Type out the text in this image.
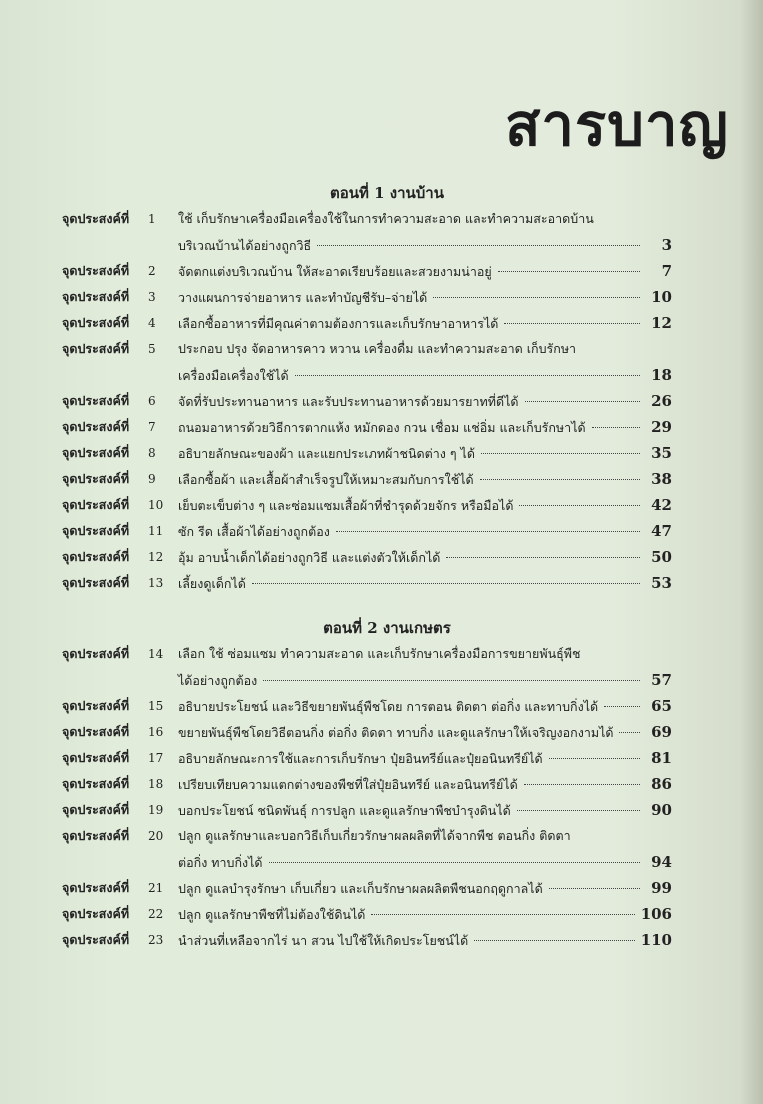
สารบาญ
ตอนที่ 1 งานบ้าน
จุดประสงค์ที่	1	ใช้ เก็บรักษาเครื่องมือเครื่องใช้ในการทำความสะอาด และทำความสะอาดบ้าน
บริเวณบ้านได้อย่างถูกวิธี	3
จุดประสงค์ที่	2	จัดตกแต่งบริเวณบ้าน ให้สะอาดเรียบร้อยและสวยงามน่าอยู่	7
จุดประสงค์ที่	3	วางแผนการจ่ายอาหาร และทำบัญชีรับ–จ่ายได้	10
จุดประสงค์ที่	4	เลือกซื้ออาหารที่มีคุณค่าตามต้องการและเก็บรักษาอาหารได้	12
จุดประสงค์ที่	5	ประกอบ ปรุง จัดอาหารคาว หวาน เครื่องดื่ม และทำความสะอาด เก็บรักษา
เครื่องมือเครื่องใช้ได้	18
จุดประสงค์ที่	6	จัดที่รับประทานอาหาร และรับประทานอาหารด้วยมารยาทที่ดีได้	26
จุดประสงค์ที่	7	ถนอมอาหารด้วยวิธีการตากแห้ง หมักดอง กวน เชื่อม แช่อิ่ม และเก็บรักษาได้	29
จุดประสงค์ที่	8	อธิบายลักษณะของผ้า และแยกประเภทผ้าชนิดต่าง ๆ ได้	35
จุดประสงค์ที่	9	เลือกซื้อผ้า และเสื้อผ้าสำเร็จรูปให้เหมาะสมกับการใช้ได้	38
จุดประสงค์ที่	10	เย็บตะเข็บต่าง ๆ และซ่อมแซมเสื้อผ้าที่ชำรุดด้วยจักร หรือมือได้	42
จุดประสงค์ที่	11	ซัก รีด เสื้อผ้าได้อย่างถูกต้อง	47
จุดประสงค์ที่	12	อุ้ม อาบน้ำเด็กได้อย่างถูกวิธี และแต่งตัวให้เด็กได้	50
จุดประสงค์ที่	13	เลี้ยงดูเด็กได้	53
ตอนที่ 2 งานเกษตร
จุดประสงค์ที่	14	เลือก ใช้ ซ่อมแซม ทำความสะอาด และเก็บรักษาเครื่องมือการขยายพันธุ์พืช
ได้อย่างถูกต้อง	57
จุดประสงค์ที่	15	อธิบายประโยชน์ และวิธีขยายพันธุ์พืชโดย การตอน ติดตา ต่อกิ่ง และทาบกิ่งได้	65
จุดประสงค์ที่	16	ขยายพันธุ์พืชโดยวิธีตอนกิ่ง ต่อกิ่ง ติดตา ทาบกิ่ง และดูแลรักษาให้เจริญงอกงามได้	69
จุดประสงค์ที่	17	อธิบายลักษณะการใช้และการเก็บรักษา ปุ๋ยอินทรีย์และปุ๋ยอนินทรีย์ได้	81
จุดประสงค์ที่	18	เปรียบเทียบความแตกต่างของพืชที่ใส่ปุ๋ยอินทรีย์ และอนินทรีย์ได้	86
จุดประสงค์ที่	19	บอกประโยชน์ ชนิดพันธุ์ การปลูก และดูแลรักษาพืชบำรุงดินได้	90
จุดประสงค์ที่	20	ปลูก ดูแลรักษาและบอกวิธีเก็บเกี่ยวรักษาผลผลิตที่ได้จากพืช ตอนกิ่ง ติดตา
ต่อกิ่ง ทาบกิ่งได้	94
จุดประสงค์ที่	21	ปลูก ดูแลบำรุงรักษา เก็บเกี่ยว และเก็บรักษาผลผลิตพืชนอกฤดูกาลได้	99
จุดประสงค์ที่	22	ปลูก ดูแลรักษาพืชที่ไม่ต้องใช้ดินได้	106
จุดประสงค์ที่	23	นำส่วนที่เหลือจากไร่ นา สวน ไปใช้ให้เกิดประโยชน์ได้	110
